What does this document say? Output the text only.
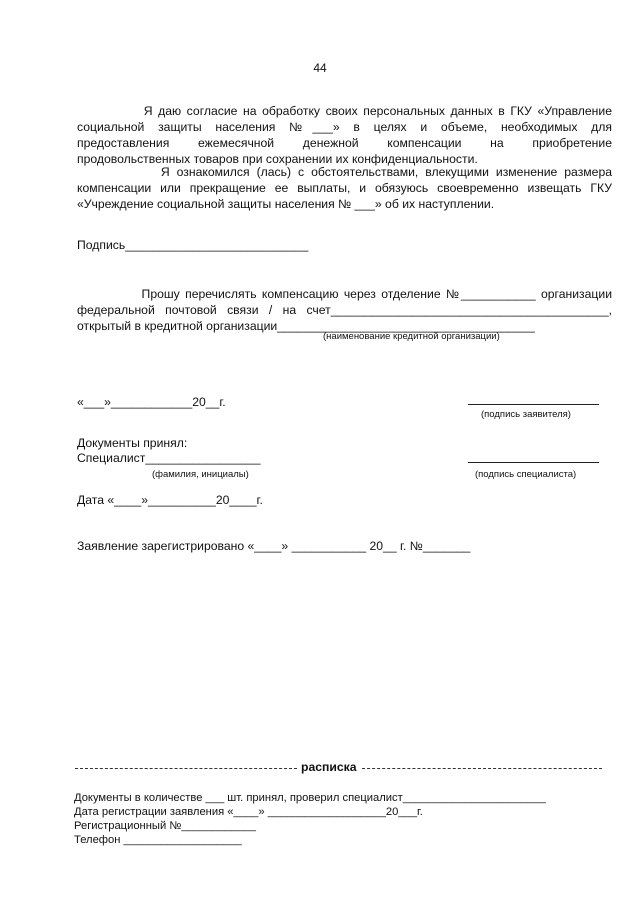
44
Я даю согласие на обработку своих персональных данных в ГКУ «Управление
социальной защиты населения №___» в целях и объеме, необходимых для
предоставления ежемесячной денежной компенсации на приобретение
продовольственных товаров при сохранении их конфиденциальности.
Я ознакомился (лась) с обстоятельствами, влекущими изменение размера
компенсации или прекращение ее выплаты, и обязуюсь своевременно извещать ГКУ
«Учреждение социальной защиты населения № ___» об их наступлении.
Подпись___________________________
Прошу перечислять компенсацию через отделение №___________ организации
федеральной почтовой связи / на счет_________________________________________,
открытый в кредитной организации______________________________________
(наименование кредитной организации)
«___»____________20__г.
(подпись заявителя)
Документы принял:
Специалист_________________
(фамилия, инициалы)	(подпись специалиста)
Дата «____»__________20____г.
Заявление зарегистрировано «____» ___________ 20__ г. №_______
расписка
Документы в количестве ___ шт. принял, проверил специалист_______________________
Дата регистрации заявления «____» ___________________20___г.
Регистрационный №____________
Телефон ___________________
